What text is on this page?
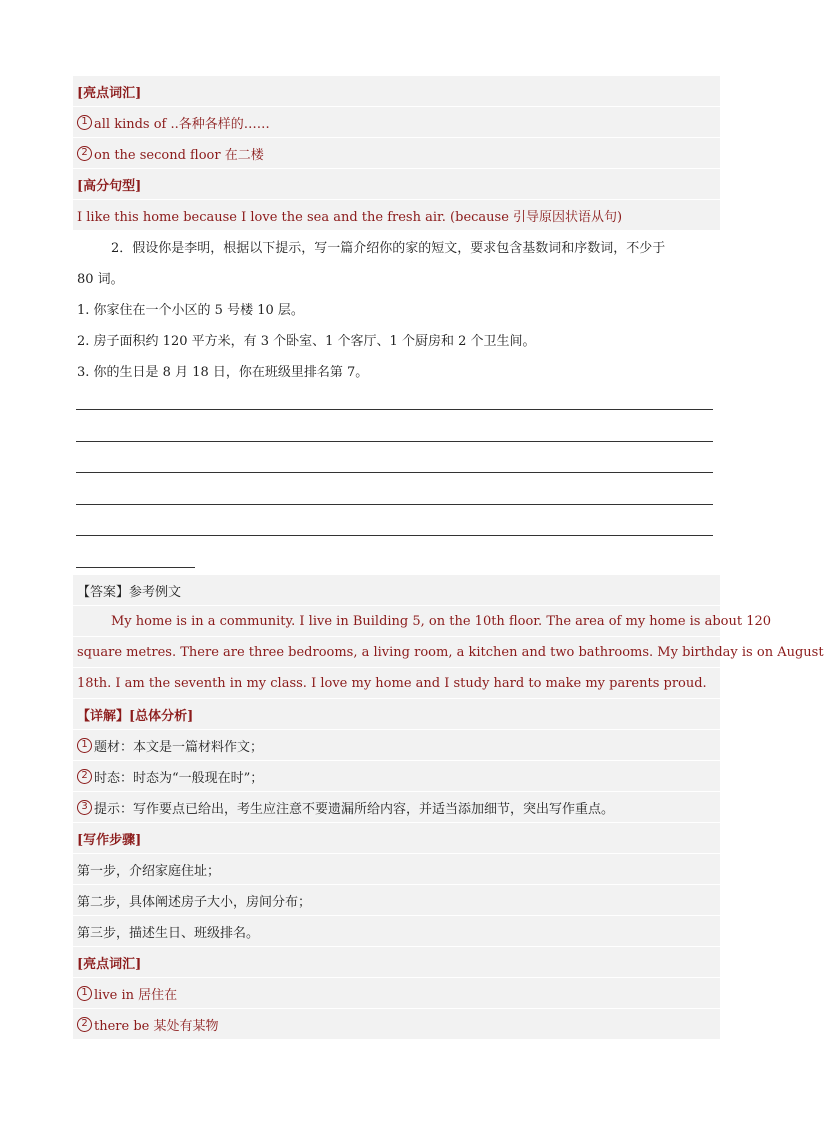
[亮点词汇]
1 all kinds of ..各种各样的……
2 on the second floor 在二楼
[高分句型]
I like this home because I love the sea and the fresh air. (because 引导原因状语从句)
2．假设你是李明，根据以下提示，写一篇介绍你的家的短文，要求包含基数词和序数词，不少于
80 词。
1. 你家住在一个小区的 5 号楼 10 层。
2. 房子面积约 120 平方米，有 3 个卧室、1 个客厅、1 个厨房和 2 个卫生间。
3. 你的生日是 8 月 18 日，你在班级里排名第 7。
【答案】参考例文
My home is in a community. I live in Building 5, on the 10th floor. The area of my home is about 120
square metres. There are three bedrooms, a living room, a kitchen and two bathrooms. My birthday is on August
18th. I am the seventh in my class. I love my home and I study hard to make my parents proud.
【详解】[总体分析]
1 题材：本文是一篇材料作文；
2 时态：时态为“一般现在时”；
3 提示：写作要点已给出，考生应注意不要遗漏所给内容，并适当添加细节，突出写作重点。
[写作步骤]
第一步，介绍家庭住址；
第二步，具体阐述房子大小，房间分布；
第三步，描述生日、班级排名。
[亮点词汇]
1 live in 居住在
2 there be 某处有某物
